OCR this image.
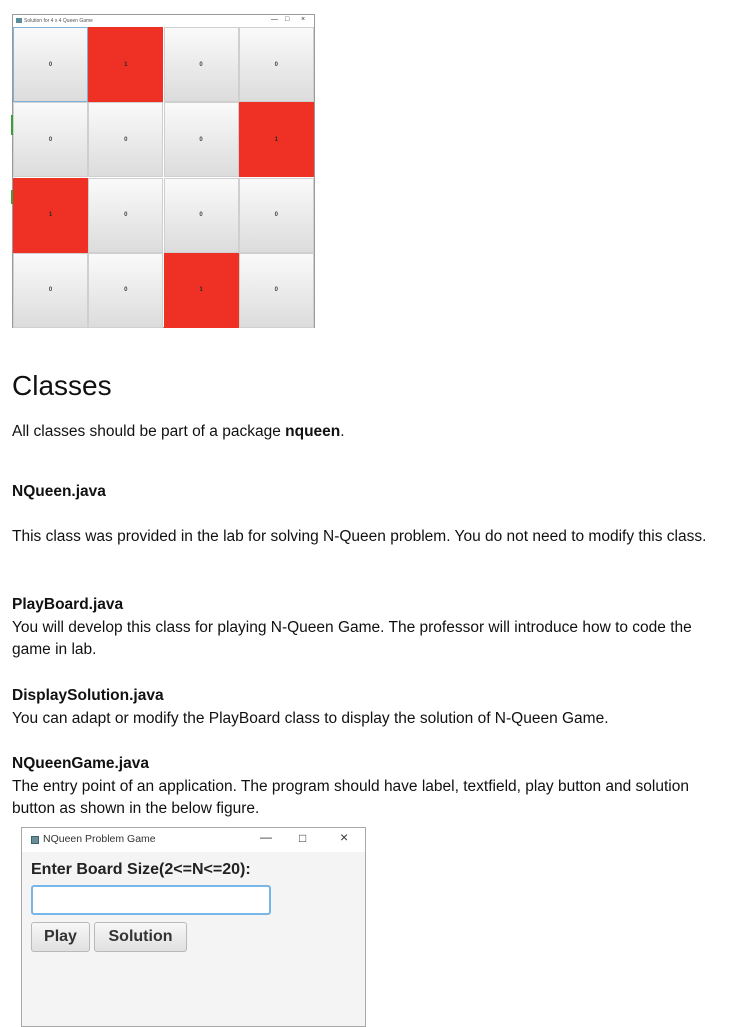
Solution for 4 x 4 Queen Game	— □ ×
0	1	0	0
0	0	0	1
1	0	0	0
0	0	1	0
Classes

All classes should be part of a package nqueen.

NQueen.java

This class was provided in the lab for solving N-Queen problem. You do not need to modify this class.

PlayBoard.java

You will develop this class for playing N-Queen Game. The professor will introduce how to code the game in lab.

DisplaySolution.java

You can adapt or modify the PlayBoard class to display the solution of N-Queen Game.

NQueenGame.java

The entry point of an application. The program should have label, textfield, play button and solution button as shown in the below figure.

NQueen Problem Game	— □ ×
Enter Board Size(2<=N<=20):
Play	Solution
